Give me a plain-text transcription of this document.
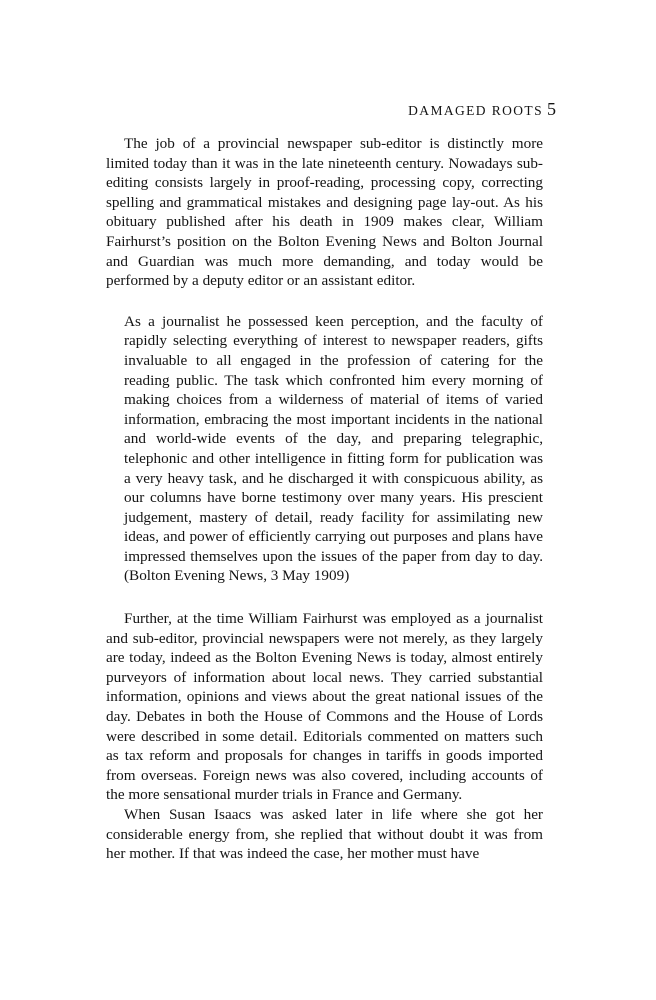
DAMAGED ROOTS 5

The job of a provincial newspaper sub-editor is distinctly more limited today than it was in the late nineteenth century. Nowadays sub-editing consists largely in proof-reading, processing copy, correcting spelling and grammatical mistakes and designing page lay-out. As his obituary published after his death in 1909 makes clear, William Fairhurst’s position on the Bolton Evening News and Bolton Journal and Guardian was much more demanding, and today would be performed by a deputy editor or an assistant editor.

As a journalist he possessed keen perception, and the faculty of rapidly selecting everything of interest to newspaper readers, gifts invaluable to all engaged in the profession of catering for the reading public. The task which confronted him every morning of making choices from a wilderness of material of items of varied information, embracing the most important incidents in the national and world-wide events of the day, and preparing telegraphic, telephonic and other intelligence in fitting form for publication was a very heavy task, and he discharged it with conspicuous ability, as our columns have borne testimony over many years. His prescient judgement, mastery of detail, ready facility for assimilating new ideas, and power of efficiently carrying out purposes and plans have impressed themselves upon the issues of the paper from day to day. (Bolton Evening News, 3 May 1909)

Further, at the time William Fairhurst was employed as a journalist and sub-editor, provincial newspapers were not merely, as they largely are today, indeed as the Bolton Evening News is today, almost entirely purveyors of information about local news. They carried substantial information, opinions and views about the great national issues of the day. Debates in both the House of Commons and the House of Lords were described in some detail. Editorials commented on matters such as tax reform and proposals for changes in tariffs in goods imported from overseas. Foreign news was also covered, including accounts of the more sensational murder trials in France and Germany.

When Susan Isaacs was asked later in life where she got her considerable energy from, she replied that without doubt it was from her mother. If that was indeed the case, her mother must have
